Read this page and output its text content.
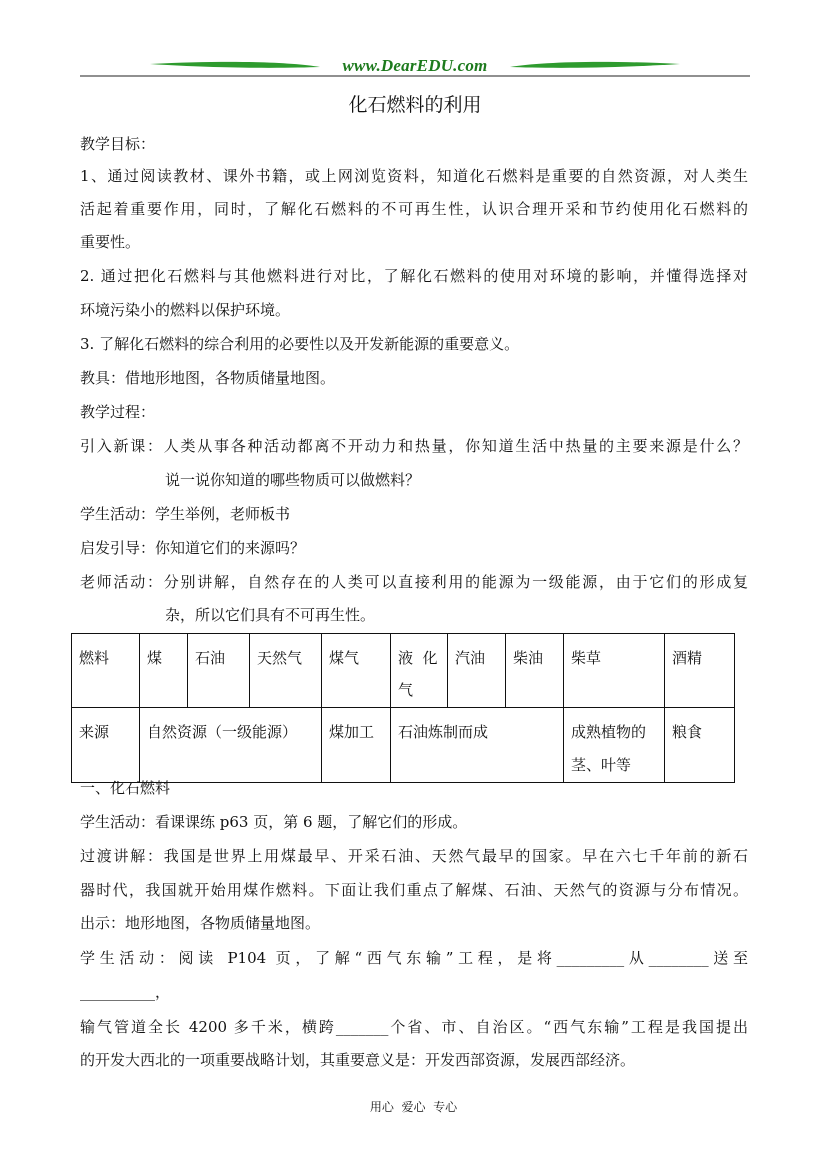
www.DearEDU.com
化石燃料的利用
教学目标：
1、通过阅读教材、课外书籍，或上网浏览资料，知道化石燃料是重要的自然资源，对人类生
活起着重要作用，同时，了解化石燃料的不可再生性，认识合理开采和节约使用化石燃料的
重要性。
2. 通过把化石燃料与其他燃料进行对比，了解化石燃料的使用对环境的影响，并懂得选择对
环境污染小的燃料以保护环境。
3. 了解化石燃料的综合利用的必要性以及开发新能源的重要意义。
教具：借地形地图，各物质储量地图。
教学过程：
引入新课：人类从事各种活动都离不开动力和热量，你知道生活中热量的主要来源是什么？
说一说你知道的哪些物质可以做燃料？
学生活动：学生举例，老师板书
启发引导：你知道它们的来源吗？
老师活动：分别讲解，自然存在的人类可以直接利用的能源为一级能源，由于它们的形成复
杂，所以它们具有不可再生性。
燃料	煤	石油	天然气	煤气	液  化
气	汽油	柴油	柴草	酒精
来源	自然资源（一级能源）			煤加工	石油炼制而成			成熟植物的
茎、叶等	粮食
一、化石燃料
学生活动：看课课练 p63 页，第 6 题，了解它们的形成。
过渡讲解：我国是世界上用煤最早、开采石油、天然气最早的国家。早在六七千年前的新石
器时代，我国就开始用煤作燃料。下面让我们重点了解煤、石油、天然气的资源与分布情况。
出示：地形地图，各物质储量地图。
学生活动：阅读 P104 页，了解“西气东输”工程，是将_________从________送至
__________，
输气管道全长 4200 多千米，横跨_______个省、市、自治区。“西气东输”工程是我国提出
的开发大西北的一项重要战略计划，其重要意义是：开发西部资源，发展西部经济。
用心  爱心  专心
